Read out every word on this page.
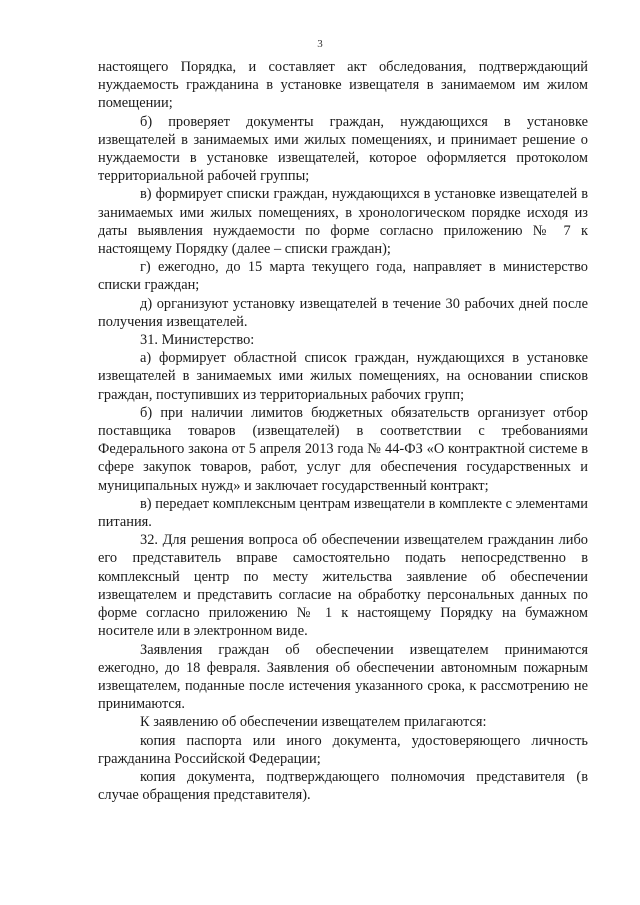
3

настоящего Порядка, и составляет акт обследования, подтверждающий нуждаемость гражданина в установке извещателя в занимаемом им жилом помещении;

б) проверяет документы граждан, нуждающихся в установке извещателей в занимаемых ими жилых помещениях, и принимает решение о нуждаемости в установке извещателей, которое оформляется протоколом территориальной рабочей группы;

в) формирует списки граждан, нуждающихся в установке извещателей в занимаемых ими жилых помещениях, в хронологическом порядке исходя из даты выявления нуждаемости по форме согласно приложению № 7 к настоящему Порядку (далее – списки граждан);

г) ежегодно, до 15 марта текущего года, направляет в министерство списки граждан;

д) организуют установку извещателей в течение 30 рабочих дней после получения извещателей.

31. Министерство:

а) формирует областной список граждан, нуждающихся в установке извещателей в занимаемых ими жилых помещениях, на основании списков граждан, поступивших из территориальных рабочих групп;

б) при наличии лимитов бюджетных обязательств организует отбор поставщика товаров (извещателей) в соответствии с требованиями Федерального закона от 5 апреля 2013 года № 44-ФЗ «О контрактной системе в сфере закупок товаров, работ, услуг для обеспечения государственных и муниципальных нужд» и заключает государственный контракт;

в) передает комплексным центрам извещатели в комплекте с элементами питания.

32. Для решения вопроса об обеспечении извещателем гражданин либо его представитель вправе самостоятельно подать непосредственно в комплексный центр по месту жительства заявление об обеспечении извещателем и представить согласие на обработку персональных данных по форме согласно приложению № 1 к настоящему Порядку на бумажном носителе или в электронном виде.

Заявления граждан об обеспечении извещателем принимаются ежегодно, до 18 февраля. Заявления об обеспечении автономным пожарным извещателем, поданные после истечения указанного срока, к рассмотрению не принимаются.

К заявлению об обеспечении извещателем прилагаются:

копия паспорта или иного документа, удостоверяющего личность гражданина Российской Федерации;

копия документа, подтверждающего полномочия представителя (в случае обращения представителя).
